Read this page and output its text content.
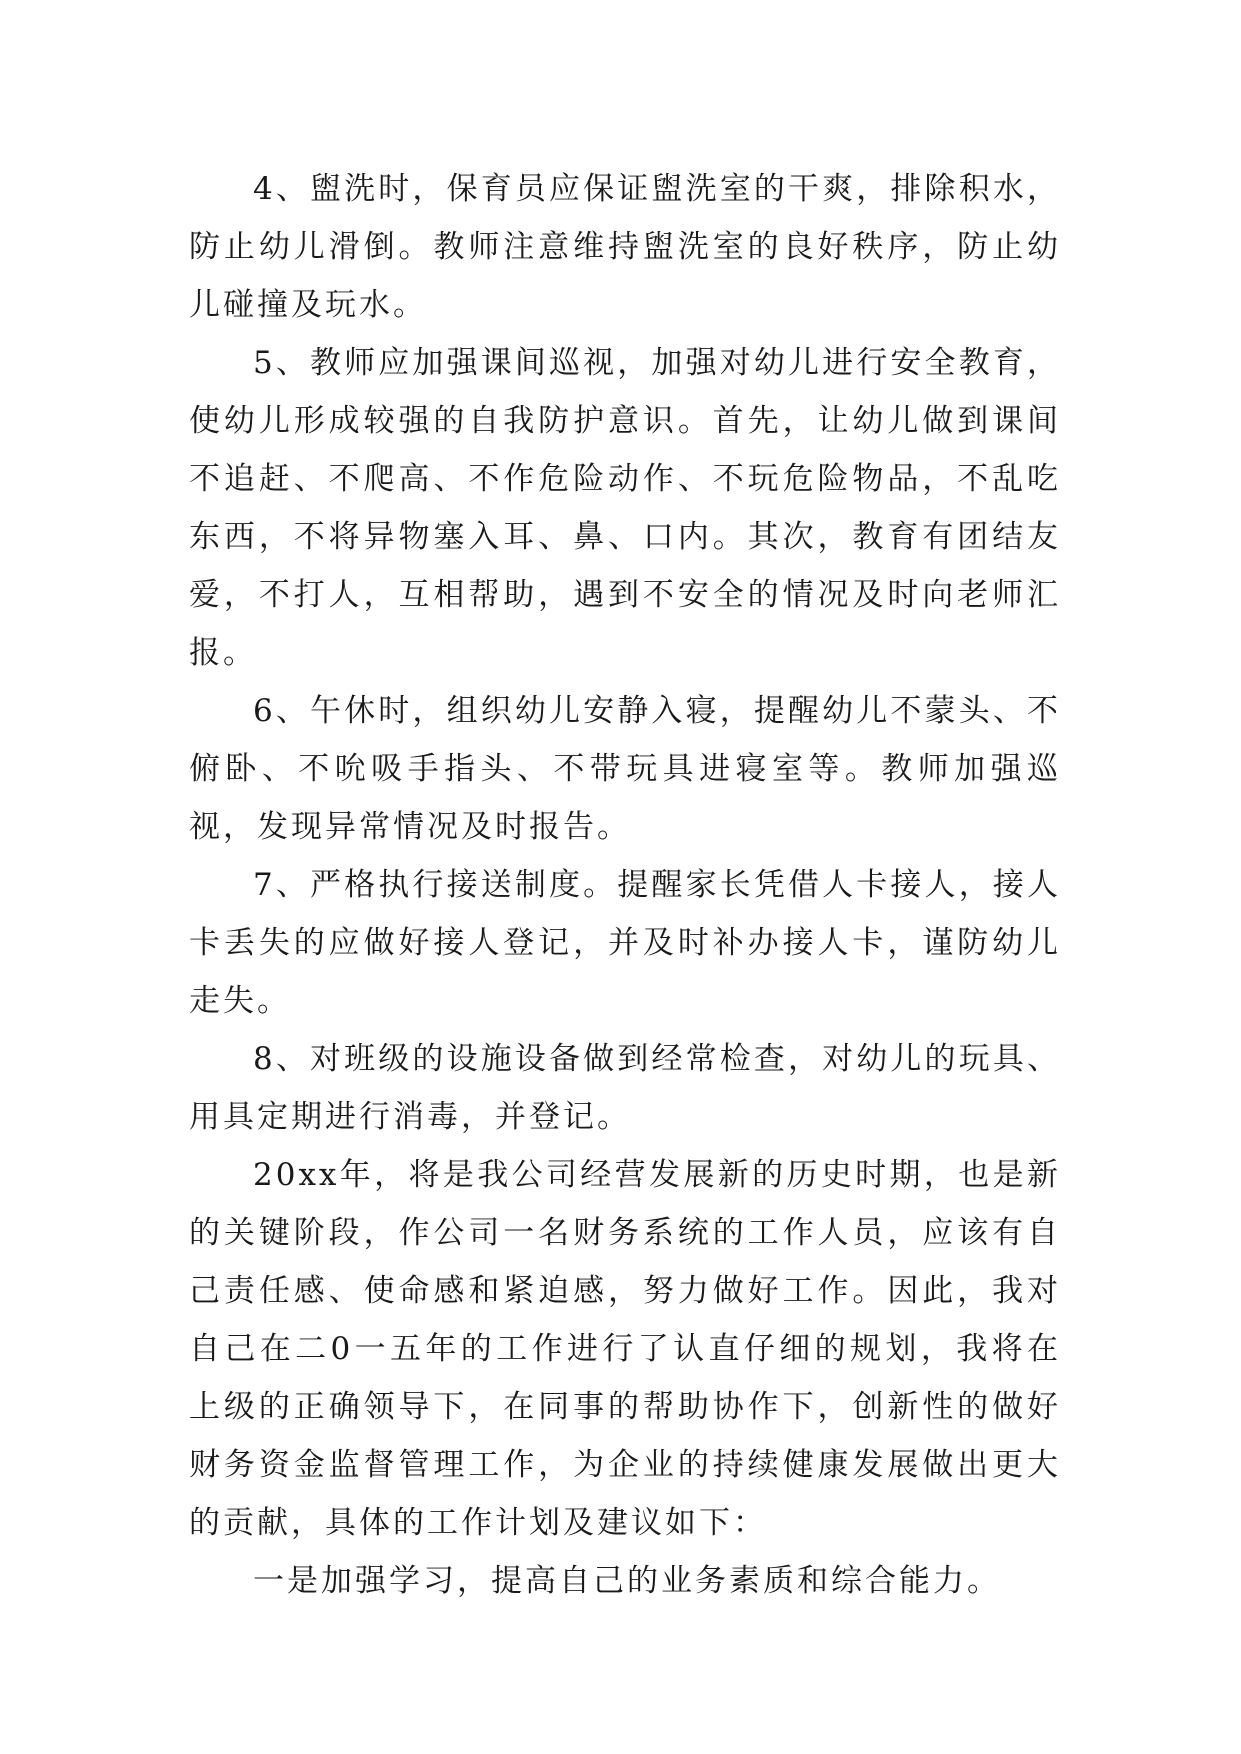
4、盥洗时，保育员应保证盥洗室的干爽，排除积水，防止幼儿滑倒。教师注意维持盥洗室的良好秩序，防止幼儿碰撞及玩水。

5、教师应加强课间巡视，加强对幼儿进行安全教育，使幼儿形成较强的自我防护意识。首先，让幼儿做到课间不追赶、不爬高、不作危险动作、不玩危险物品，不乱吃东西，不将异物塞入耳、鼻、口内。其次，教育有团结友爱，不打人，互相帮助，遇到不安全的情况及时向老师汇报。

6、午休时，组织幼儿安静入寝，提醒幼儿不蒙头、不俯卧、不吮吸手指头、不带玩具进寝室等。教师加强巡视，发现异常情况及时报告。

7、严格执行接送制度。提醒家长凭借人卡接人，接人卡丢失的应做好接人登记，并及时补办接人卡，谨防幼儿走失。

8、对班级的设施设备做到经常检查，对幼儿的玩具、用具定期进行消毒，并登记。

20xx年，将是我公司经营发展新的历史时期，也是新的关键阶段，作公司一名财务系统的工作人员，应该有自己责任感、使命感和紧迫感，努力做好工作。因此，我对自己在二0一五年的工作进行了认直仔细的规划，我将在上级的正确领导下，在同事的帮助协作下，创新性的做好财务资金监督管理工作，为企业的持续健康发展做出更大的贡献，具体的工作计划及建议如下：

一是加强学习，提高自己的业务素质和综合能力。
